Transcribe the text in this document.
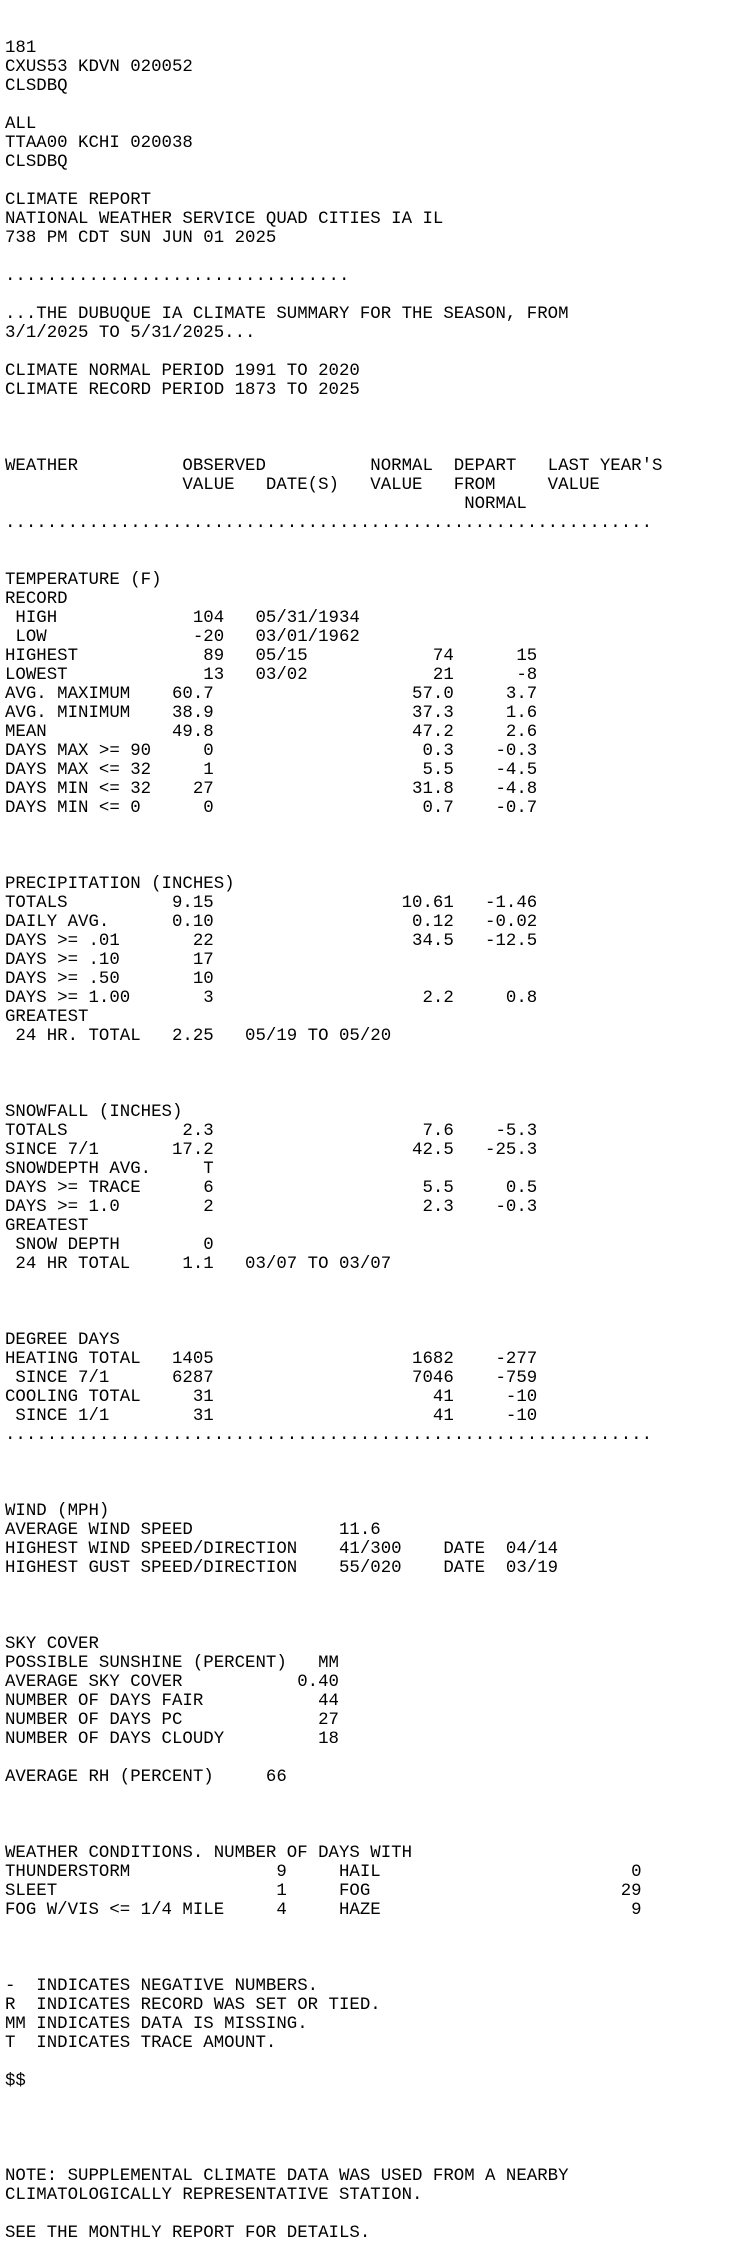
181
CXUS53 KDVN 020052
CLSDBQ
ALL
TTAA00 KCHI 020038
CLSDBQ
CLIMATE REPORT
NATIONAL WEATHER SERVICE QUAD CITIES IA IL
738 PM CDT SUN JUN 01 2025
.................................
...THE DUBUQUE IA CLIMATE SUMMARY FOR THE SEASON, FROM
3/1/2025 TO 5/31/2025...
CLIMATE NORMAL PERIOD 1991 TO 2020
CLIMATE RECORD PERIOD 1873 TO 2025

WEATHER          OBSERVED          NORMAL  DEPART   LAST YEAR'S
VALUE   DATE(S)   VALUE   FROM     VALUE
NORMAL
..............................................................

TEMPERATURE (F)
RECORD
HIGH             104   05/31/1934
LOW              -20   03/01/1962
HIGHEST            89   05/15            74      15
LOWEST             13   03/02            21      -8
AVG. MAXIMUM    60.7                   57.0     3.7
AVG. MINIMUM    38.9                   37.3     1.6
MEAN            49.8                   47.2     2.6
DAYS MAX >= 90     0                    0.3    -0.3
DAYS MAX <= 32     1                    5.5    -4.5
DAYS MIN <= 32    27                   31.8    -4.8
DAYS MIN <= 0      0                    0.7    -0.7

PRECIPITATION (INCHES)
TOTALS          9.15                  10.61   -1.46
DAILY AVG.      0.10                   0.12   -0.02
DAYS >= .01       22                   34.5   -12.5
DAYS >= .10       17
DAYS >= .50       10
DAYS >= 1.00       3                    2.2     0.8
GREATEST
24 HR. TOTAL   2.25   05/19 TO 05/20

SNOWFALL (INCHES)
TOTALS           2.3                    7.6    -5.3
SINCE 7/1       17.2                   42.5   -25.3
SNOWDEPTH AVG.     T
DAYS >= TRACE      6                    5.5     0.5
DAYS >= 1.0        2                    2.3    -0.3
GREATEST
SNOW DEPTH        0
24 HR TOTAL     1.1   03/07 TO 03/07

DEGREE DAYS
HEATING TOTAL   1405                   1682    -277
SINCE 7/1      6287                   7046    -759
COOLING TOTAL     31                     41     -10
SINCE 1/1        31                     41     -10
..............................................................

WIND (MPH)
AVERAGE WIND SPEED              11.6
HIGHEST WIND SPEED/DIRECTION    41/300    DATE  04/14
HIGHEST GUST SPEED/DIRECTION    55/020    DATE  03/19

SKY COVER
POSSIBLE SUNSHINE (PERCENT)   MM
AVERAGE SKY COVER           0.40
NUMBER OF DAYS FAIR           44
NUMBER OF DAYS PC             27
NUMBER OF DAYS CLOUDY         18
AVERAGE RH (PERCENT)     66

WEATHER CONDITIONS. NUMBER OF DAYS WITH
THUNDERSTORM              9     HAIL                        0
SLEET                     1     FOG                        29
FOG W/VIS <= 1/4 MILE     4     HAZE                        9

-  INDICATES NEGATIVE NUMBERS.
R  INDICATES RECORD WAS SET OR TIED.
MM INDICATES DATA IS MISSING.
T  INDICATES TRACE AMOUNT.
$$

NOTE: SUPPLEMENTAL CLIMATE DATA WAS USED FROM A NEARBY
CLIMATOLOGICALLY REPRESENTATIVE STATION.
SEE THE MONTHLY REPORT FOR DETAILS.
